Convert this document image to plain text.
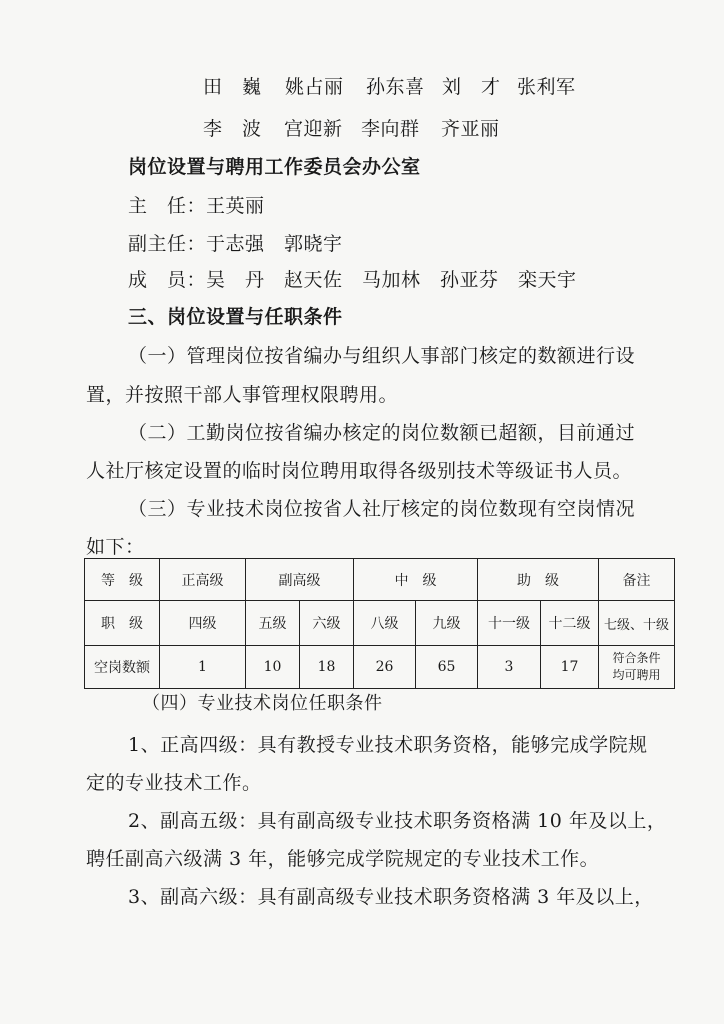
田　巍 姚占丽 孙东喜 刘　才 张利军
李　波 宫迎新 李向群 齐亚丽
岗位设置与聘用工作委员会办公室
主　任：王英丽
副主任：于志强　郭晓宇
成　员：吴　丹　赵天佐　马加林　孙亚芬　栾天宇
三、岗位设置与任职条件
（一）管理岗位按省编办与组织人事部门核定的数额进行设
置，并按照干部人事管理权限聘用。
（二）工勤岗位按省编办核定的岗位数额已超额，目前通过
人社厅核定设置的临时岗位聘用取得各级别技术等级证书人员。
（三）专业技术岗位按省人社厅核定的岗位数现有空岗情况
如下：
等　级	正高级	副高级		中　级		助　级		备注
职　级	四级	五级	六级	八级	九级	十一级	十二级	七级、十级
空岗数额	1	10	18	26	65	3	17	符合条件
均可聘用
（四）专业技术岗位任职条件
1、正高四级：具有教授专业技术职务资格，能够完成学院规
定的专业技术工作。
2、副高五级：具有副高级专业技术职务资格满 10 年及以上，
聘任副高六级满 3 年，能够完成学院规定的专业技术工作。
3、副高六级：具有副高级专业技术职务资格满 3 年及以上，
